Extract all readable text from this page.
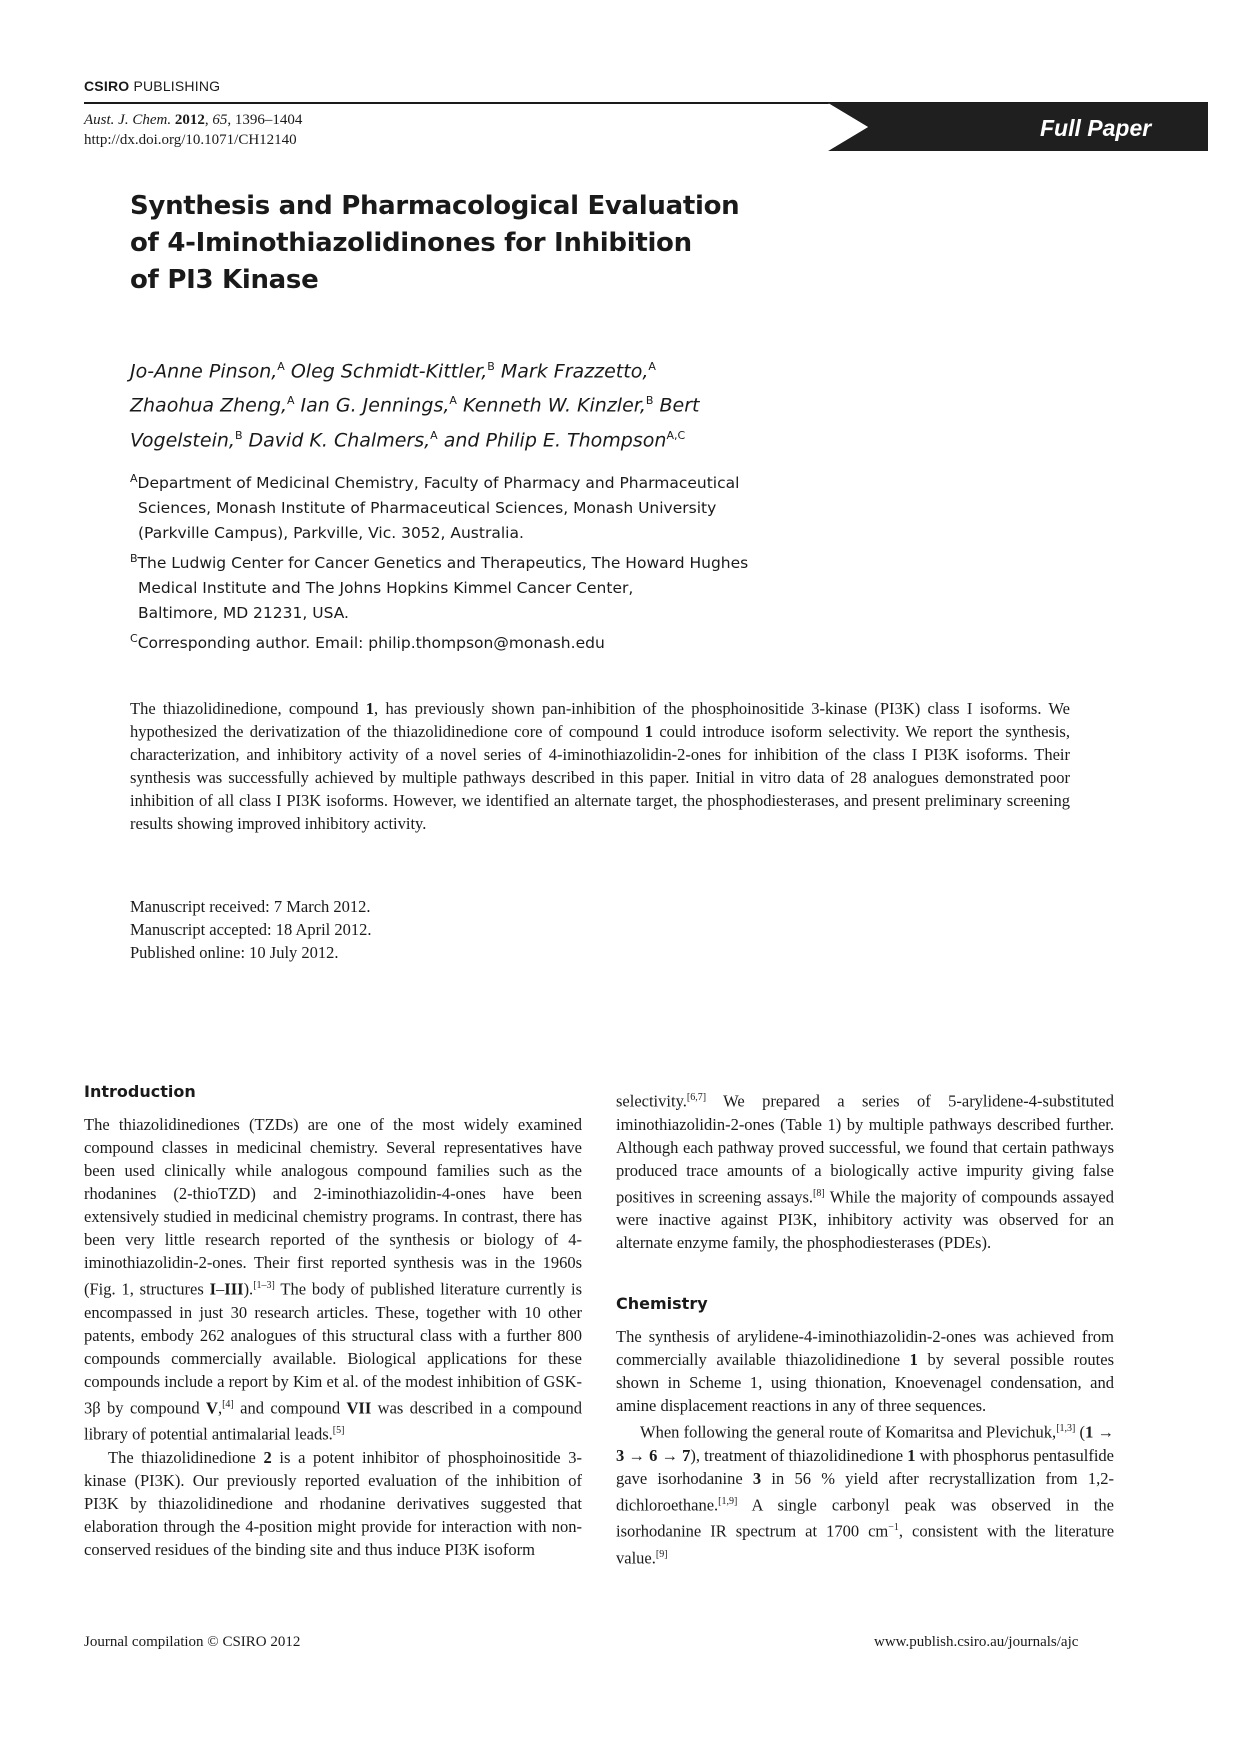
CSIRO PUBLISHING
Aust. J. Chem. 2012, 65, 1396–1404
http://dx.doi.org/10.1071/CH12140	Full Paper
Synthesis and Pharmacological Evaluation
of 4-Iminothiazolidinones for Inhibition
of PI3 Kinase
Jo-Anne Pinson,$^A$ Oleg Schmidt-Kittler,$^B$ Mark Frazzetto,$^A$
Zhaohua Zheng,$^A$ Ian G. Jennings,$^A$ Kenneth W. Kinzler,$^B$ Bert
Vogelstein,$^B$ David K. Chalmers,$^A$ and Philip E. Thompson$^{A,C}$
$^A$Department of Medicinal Chemistry, Faculty of Pharmacy and Pharmaceutical
Sciences, Monash Institute of Pharmaceutical Sciences, Monash University
(Parkville Campus), Parkville, Vic. 3052, Australia.
$^B$The Ludwig Center for Cancer Genetics and Therapeutics, The Howard Hughes
Medical Institute and The Johns Hopkins Kimmel Cancer Center,
Baltimore, MD 21231, USA.
$^C$Corresponding author. Email: philip.thompson@monash.edu
The thiazolidinedione, compound 1, has previously shown pan-inhibition of the phosphoinositide 3-kinase (PI3K) class I isoforms. We hypothesized the derivatization of the thiazolidinedione core of compound 1 could introduce isoform selectivity. We report the synthesis, characterization, and inhibitory activity of a novel series of 4-iminothiazolidin-2-ones for inhibition of the class I PI3K isoforms. Their synthesis was successfully achieved by multiple pathways described in this paper. Initial in vitro data of 28 analogues demonstrated poor inhibition of all class I PI3K isoforms. However, we identified an alternate target, the phosphodiesterases, and present preliminary screening results showing improved inhibitory activity.
Manuscript received: 7 March 2012.
Manuscript accepted: 18 April 2012.
Published online: 10 July 2012.
Introduction

The thiazolidinediones (TZDs) are one of the most widely examined compound classes in medicinal chemistry. Several representatives have been used clinically while analogous compound families such as the rhodanines (2-thioTZD) and 2-iminothiazolidin-4-ones have been extensively studied in medicinal chemistry programs. In contrast, there has been very little research reported of the synthesis or biology of 4-iminothiazolidin-2-ones. Their first reported synthesis was in the 1960s (Fig. 1, structures I–III).[1–3] The body of published literature currently is encompassed in just 30 research articles. These, together with 10 other patents, embody 262 analogues of this structural class with a further 800 compounds commercially available. Biological applications for these compounds include a report by Kim et al. of the modest inhibition of GSK-3β by compound V,[4] and compound VII was described in a compound library of potential antimalarial leads.[5]

The thiazolidinedione 2 is a potent inhibitor of phosphoinositide 3-kinase (PI3K). Our previously reported evaluation of the inhibition of PI3K by thiazolidinedione and rhodanine derivatives suggested that elaboration through the 4-position might provide for interaction with non-conserved residues of the binding site and thus induce PI3K isoform

selectivity.[6,7] We prepared a series of 5-arylidene-4-substituted iminothiazolidin-2-ones (Table 1) by multiple pathways described further. Although each pathway proved successful, we found that certain pathways produced trace amounts of a biologically active impurity giving false positives in screening assays.[8] While the majority of compounds assayed were inactive against PI3K, inhibitory activity was observed for an alternate enzyme family, the phosphodiesterases (PDEs).

Chemistry

The synthesis of arylidene-4-iminothiazolidin-2-ones was achieved from commercially available thiazolidinedione 1 by several possible routes shown in Scheme 1, using thionation, Knoevenagel condensation, and amine displacement reactions in any of three sequences.

When following the general route of Komaritsa and Plevichuk,[1,3] (1 → 3 → 6 → 7), treatment of thiazolidinedione 1 with phosphorus pentasulfide gave isorhodanine 3 in 56 % yield after recrystallization from 1,2-dichloroethane.[1,9] A single carbonyl peak was observed in the isorhodanine IR spectrum at 1700 $cm^{-1}$, consistent with the literature value.[9]

Journal compilation © CSIRO 2012	www.publish.csiro.au/journals/ajc
